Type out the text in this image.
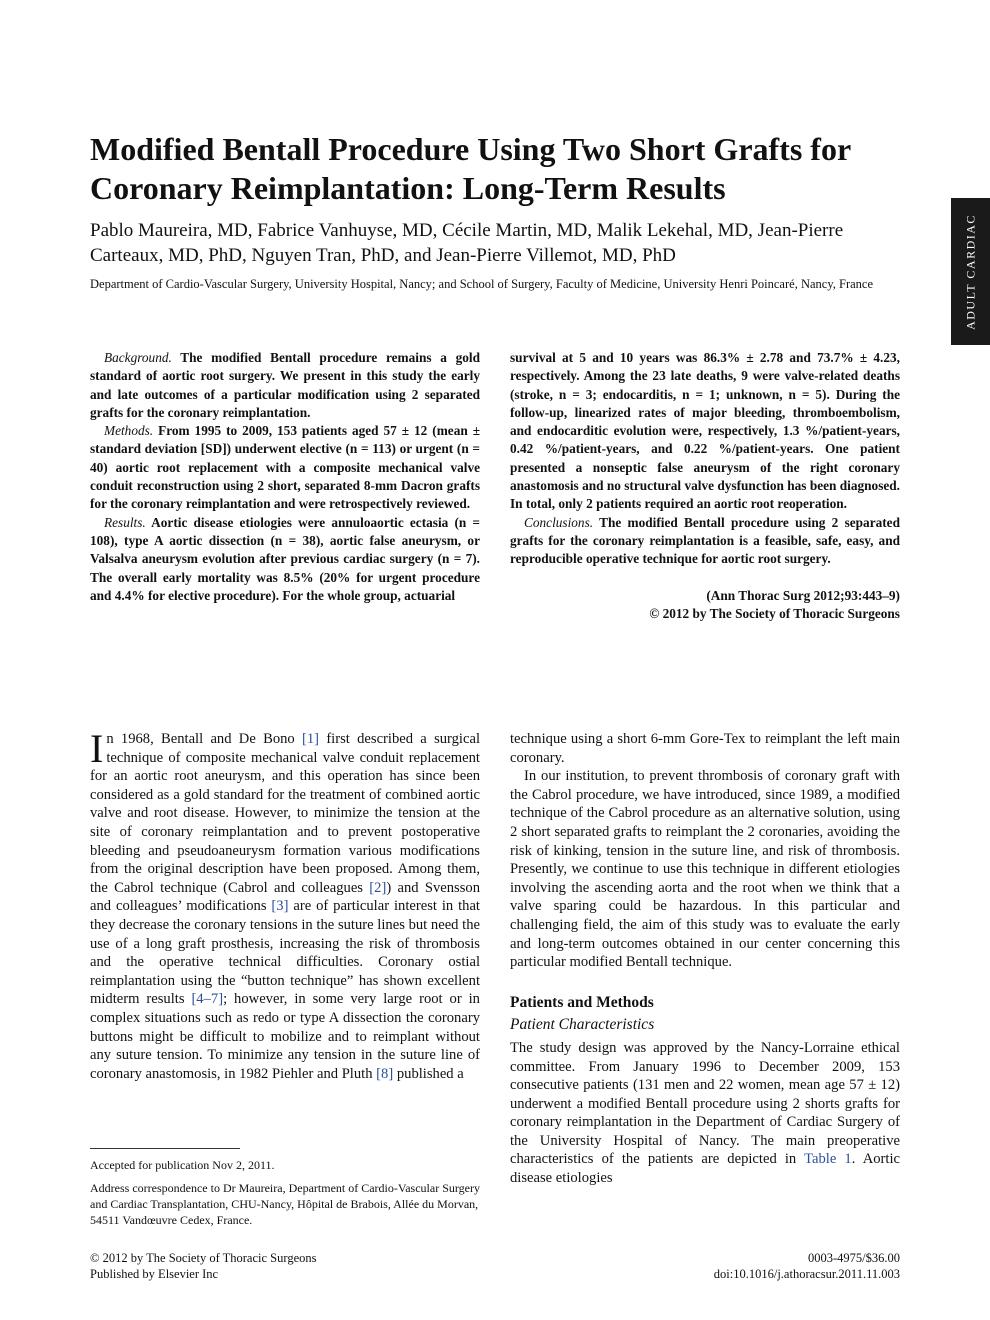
Modified Bentall Procedure Using Two Short Grafts for Coronary Reimplantation: Long-Term Results

Pablo Maureira, MD, Fabrice Vanhuyse, MD, Cécile Martin, MD, Malik Lekehal, MD, Jean-Pierre Carteaux, MD, PhD, Nguyen Tran, PhD, and Jean-Pierre Villemot, MD, PhD

Department of Cardio-Vascular Surgery, University Hospital, Nancy; and School of Surgery, Faculty of Medicine, University Henri Poincaré, Nancy, France	ADULT CARDIAC

Background. The modified Bentall procedure remains a gold standard of aortic root surgery. We present in this study the early and late outcomes of a particular modification using 2 separated grafts for the coronary reimplantation.

Methods. From 1995 to 2009, 153 patients aged 57 ± 12 (mean ± standard deviation [SD]) underwent elective (n = 113) or urgent (n = 40) aortic root replacement with a composite mechanical valve conduit reconstruction using 2 short, separated 8-mm Dacron grafts for the coronary reimplantation and were retrospectively reviewed.

Results. Aortic disease etiologies were annuloaortic ectasia (n = 108), type A aortic dissection (n = 38), aortic false aneurysm, or Valsalva aneurysm evolution after previous cardiac surgery (n = 7). The overall early mortality was 8.5% (20% for urgent procedure and 4.4% for elective procedure). For the whole group, actuarial

survival at 5 and 10 years was 86.3% ± 2.78 and 73.7% ± 4.23, respectively. Among the 23 late deaths, 9 were valve-related deaths (stroke, n = 3; endocarditis, n = 1; unknown, n = 5). During the follow-up, linearized rates of major bleeding, thromboembolism, and endocarditic evolution were, respectively, 1.3 %/patient-years, 0.42 %/patient-years, and 0.22 %/patient-years. One patient presented a nonseptic false aneurysm of the right coronary anastomosis and no structural valve dysfunction has been diagnosed. In total, only 2 patients required an aortic root reoperation.

Conclusions. The modified Bentall procedure using 2 separated grafts for the coronary reimplantation is a feasible, safe, easy, and reproducible operative technique for aortic root surgery.

(Ann Thorac Surg 2012;93:443–9)
© 2012 by The Society of Thoracic Surgeons

In 1968, Bentall and De Bono [1] first described a surgical technique of composite mechanical valve conduit replacement for an aortic root aneurysm, and this operation has since been considered as a gold standard for the treatment of combined aortic valve and root disease. However, to minimize the tension at the site of coronary reimplantation and to prevent postoperative bleeding and pseudoaneurysm formation various modifications from the original description have been proposed. Among them, the Cabrol technique (Cabrol and colleagues [2]) and Svensson and colleagues’ modifications [3] are of particular interest in that they decrease the coronary tensions in the suture lines but need the use of a long graft prosthesis, increasing the risk of thrombosis and the operative technical difficulties. Coronary ostial reimplantation using the “button technique” has shown excellent midterm results [4–7]; however, in some very large root or in complex situations such as redo or type A dissection the coronary buttons might be difficult to mobilize and to reimplant without any suture tension. To minimize any tension in the suture line of coronary anastomosis, in 1982 Piehler and Pluth [8] published a

technique using a short 6-mm Gore-Tex to reimplant the left main coronary.

In our institution, to prevent thrombosis of coronary graft with the Cabrol procedure, we have introduced, since 1989, a modified technique of the Cabrol procedure as an alternative solution, using 2 short separated grafts to reimplant the 2 coronaries, avoiding the risk of kinking, tension in the suture line, and risk of thrombosis. Presently, we continue to use this technique in different etiologies involving the ascending aorta and the root when we think that a valve sparing could be hazardous. In this particular and challenging field, the aim of this study was to evaluate the early and long-term outcomes obtained in our center concerning this particular modified Bentall technique.

Patients and Methods

Patient Characteristics

The study design was approved by the Nancy-Lorraine ethical committee. From January 1996 to December 2009, 153 consecutive patients (131 men and 22 women, mean age 57 ± 12) underwent a modified Bentall procedure using 2 shorts grafts for coronary reimplantation in the Department of Cardiac Surgery of the University Hospital of Nancy. The main preoperative characteristics of the patients are depicted in Table 1. Aortic disease etiologies

Accepted for publication Nov 2, 2011.

Address correspondence to Dr Maureira, Department of Cardio-Vascular Surgery and Cardiac Transplantation, CHU-Nancy, Hôpital de Brabois, Allée du Morvan, 54511 Vandœuvre Cedex, France.

© 2012 by The Society of Thoracic Surgeons
Published by Elsevier Inc
0003-4975/$36.00
doi:10.1016/j.athoracsur.2011.11.003
